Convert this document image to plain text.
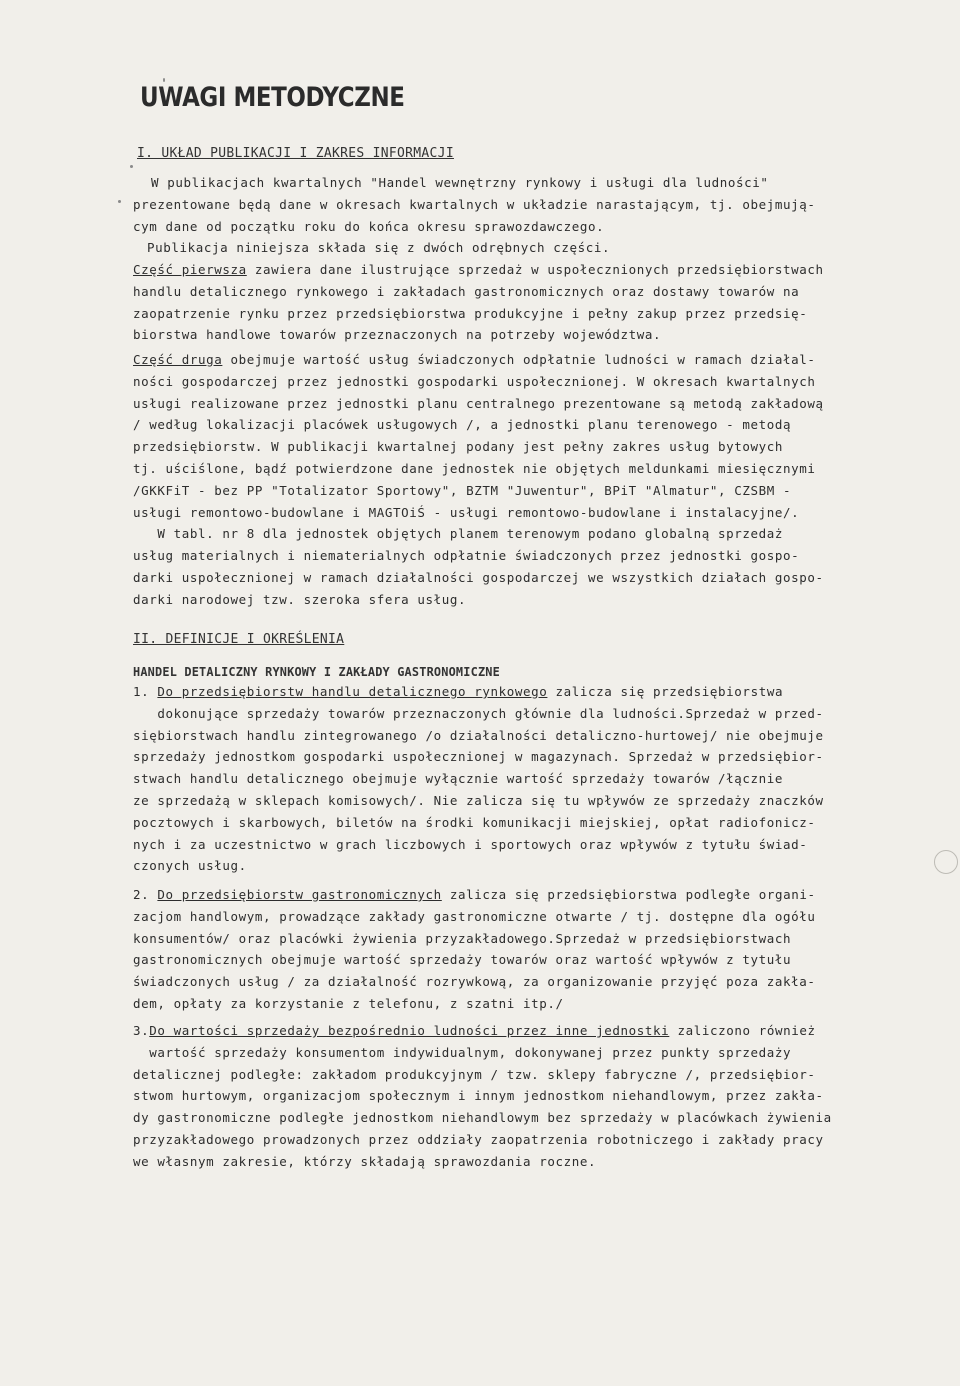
UWAGI METODYCZNE
I. UKŁAD PUBLIKACJI I ZAKRES INFORMACJI
W publikacjach kwartalnych "Handel wewnętrzny rynkowy i usługi dla ludności"
prezentowane będą dane w okresach kwartalnych w układzie narastającym, tj. obejmują-
cym dane od początku roku do końca okresu sprawozdawczego.
Publikacja niniejsza składa się z dwóch odrębnych części.
Część pierwsza zawiera dane ilustrujące sprzedaż w uspołecznionych przedsiębiorstwach
handlu detalicznego rynkowego i zakładach gastronomicznych oraz dostawy towarów na
zaopatrzenie rynku przez przedsiębiorstwa produkcyjne i pełny zakup przez przedsię-
biorstwa handlowe towarów przeznaczonych na potrzeby województwa.
Część druga obejmuje wartość usług świadczonych odpłatnie ludności w ramach działal-
ności gospodarczej przez jednostki gospodarki uspołecznionej. W okresach kwartalnych
usługi realizowane przez jednostki planu centralnego prezentowane są metodą zakładową
/ według lokalizacji placówek usługowych /, a jednostki planu terenowego - metodą
przedsiębiorstw. W publikacji kwartalnej podany jest pełny zakres usług bytowych
tj. uściślone, bądź potwierdzone dane jednostek nie objętych meldunkami miesięcznymi
/GKKFiT - bez PP "Totalizator Sportowy", BZTM "Juwentur", BPiT "Almatur", CZSBM -
usługi remontowo-budowlane i MAGTOiŚ - usługi remontowo-budowlane i instalacyjne/.
W tabl. nr 8 dla jednostek objętych planem terenowym podano globalną sprzedaż
usług materialnych i niematerialnych odpłatnie świadczonych przez jednostki gospo-
darki uspołecznionej w ramach działalności gospodarczej we wszystkich działach gospo-
darki narodowej tzw. szeroka sfera usług.
II. DEFINICJE I OKREŚLENIA
HANDEL DETALICZNY RYNKOWY I ZAKŁADY GASTRONOMICZNE
1. Do przedsiębiorstw handlu detalicznego rynkowego zalicza się przedsiębiorstwa
dokonujące sprzedaży towarów przeznaczonych głównie dla ludności.Sprzedaż w przed-
siębiorstwach handlu zintegrowanego /o działalności detaliczno-hurtowej/ nie obejmuje
sprzedaży jednostkom gospodarki uspołecznionej w magazynach. Sprzedaż w przedsiębior-
stwach handlu detalicznego obejmuje wyłącznie wartość sprzedaży towarów /łącznie
ze sprzedażą w sklepach komisowych/. Nie zalicza się tu wpływów ze sprzedaży znaczków
pocztowych i skarbowych, biletów na środki komunikacji miejskiej, opłat radiofonicz-
nych i za uczestnictwo w grach liczbowych i sportowych oraz wpływów z tytułu świad-
czonych usług.
2. Do przedsiębiorstw gastronomicznych zalicza się przedsiębiorstwa podległe organi-
zacjom handlowym, prowadzące zakłady gastronomiczne otwarte / tj. dostępne dla ogółu
konsumentów/ oraz placówki żywienia przyzakładowego.Sprzedaż w przedsiębiorstwach
gastronomicznych obejmuje wartość sprzedaży towarów oraz wartość wpływów z tytułu
świadczonych usług / za działalność rozrywkową, za organizowanie przyjęć poza zakła-
dem, opłaty za korzystanie z telefonu, z szatni itp./
3.Do wartości sprzedaży bezpośrednio ludności przez inne jednostki zaliczono również
wartość sprzedaży konsumentom indywidualnym, dokonywanej przez punkty sprzedaży
detalicznej podległe: zakładom produkcyjnym / tzw. sklepy fabryczne /, przedsiębior-
stwom hurtowym, organizacjom społecznym i innym jednostkom niehandlowym, przez zakła-
dy gastronomiczne podległe jednostkom niehandlowym bez sprzedaży w placówkach żywienia
przyzakładowego prowadzonych przez oddziały zaopatrzenia robotniczego i zakłady pracy
we własnym zakresie, którzy składają sprawozdania roczne.
